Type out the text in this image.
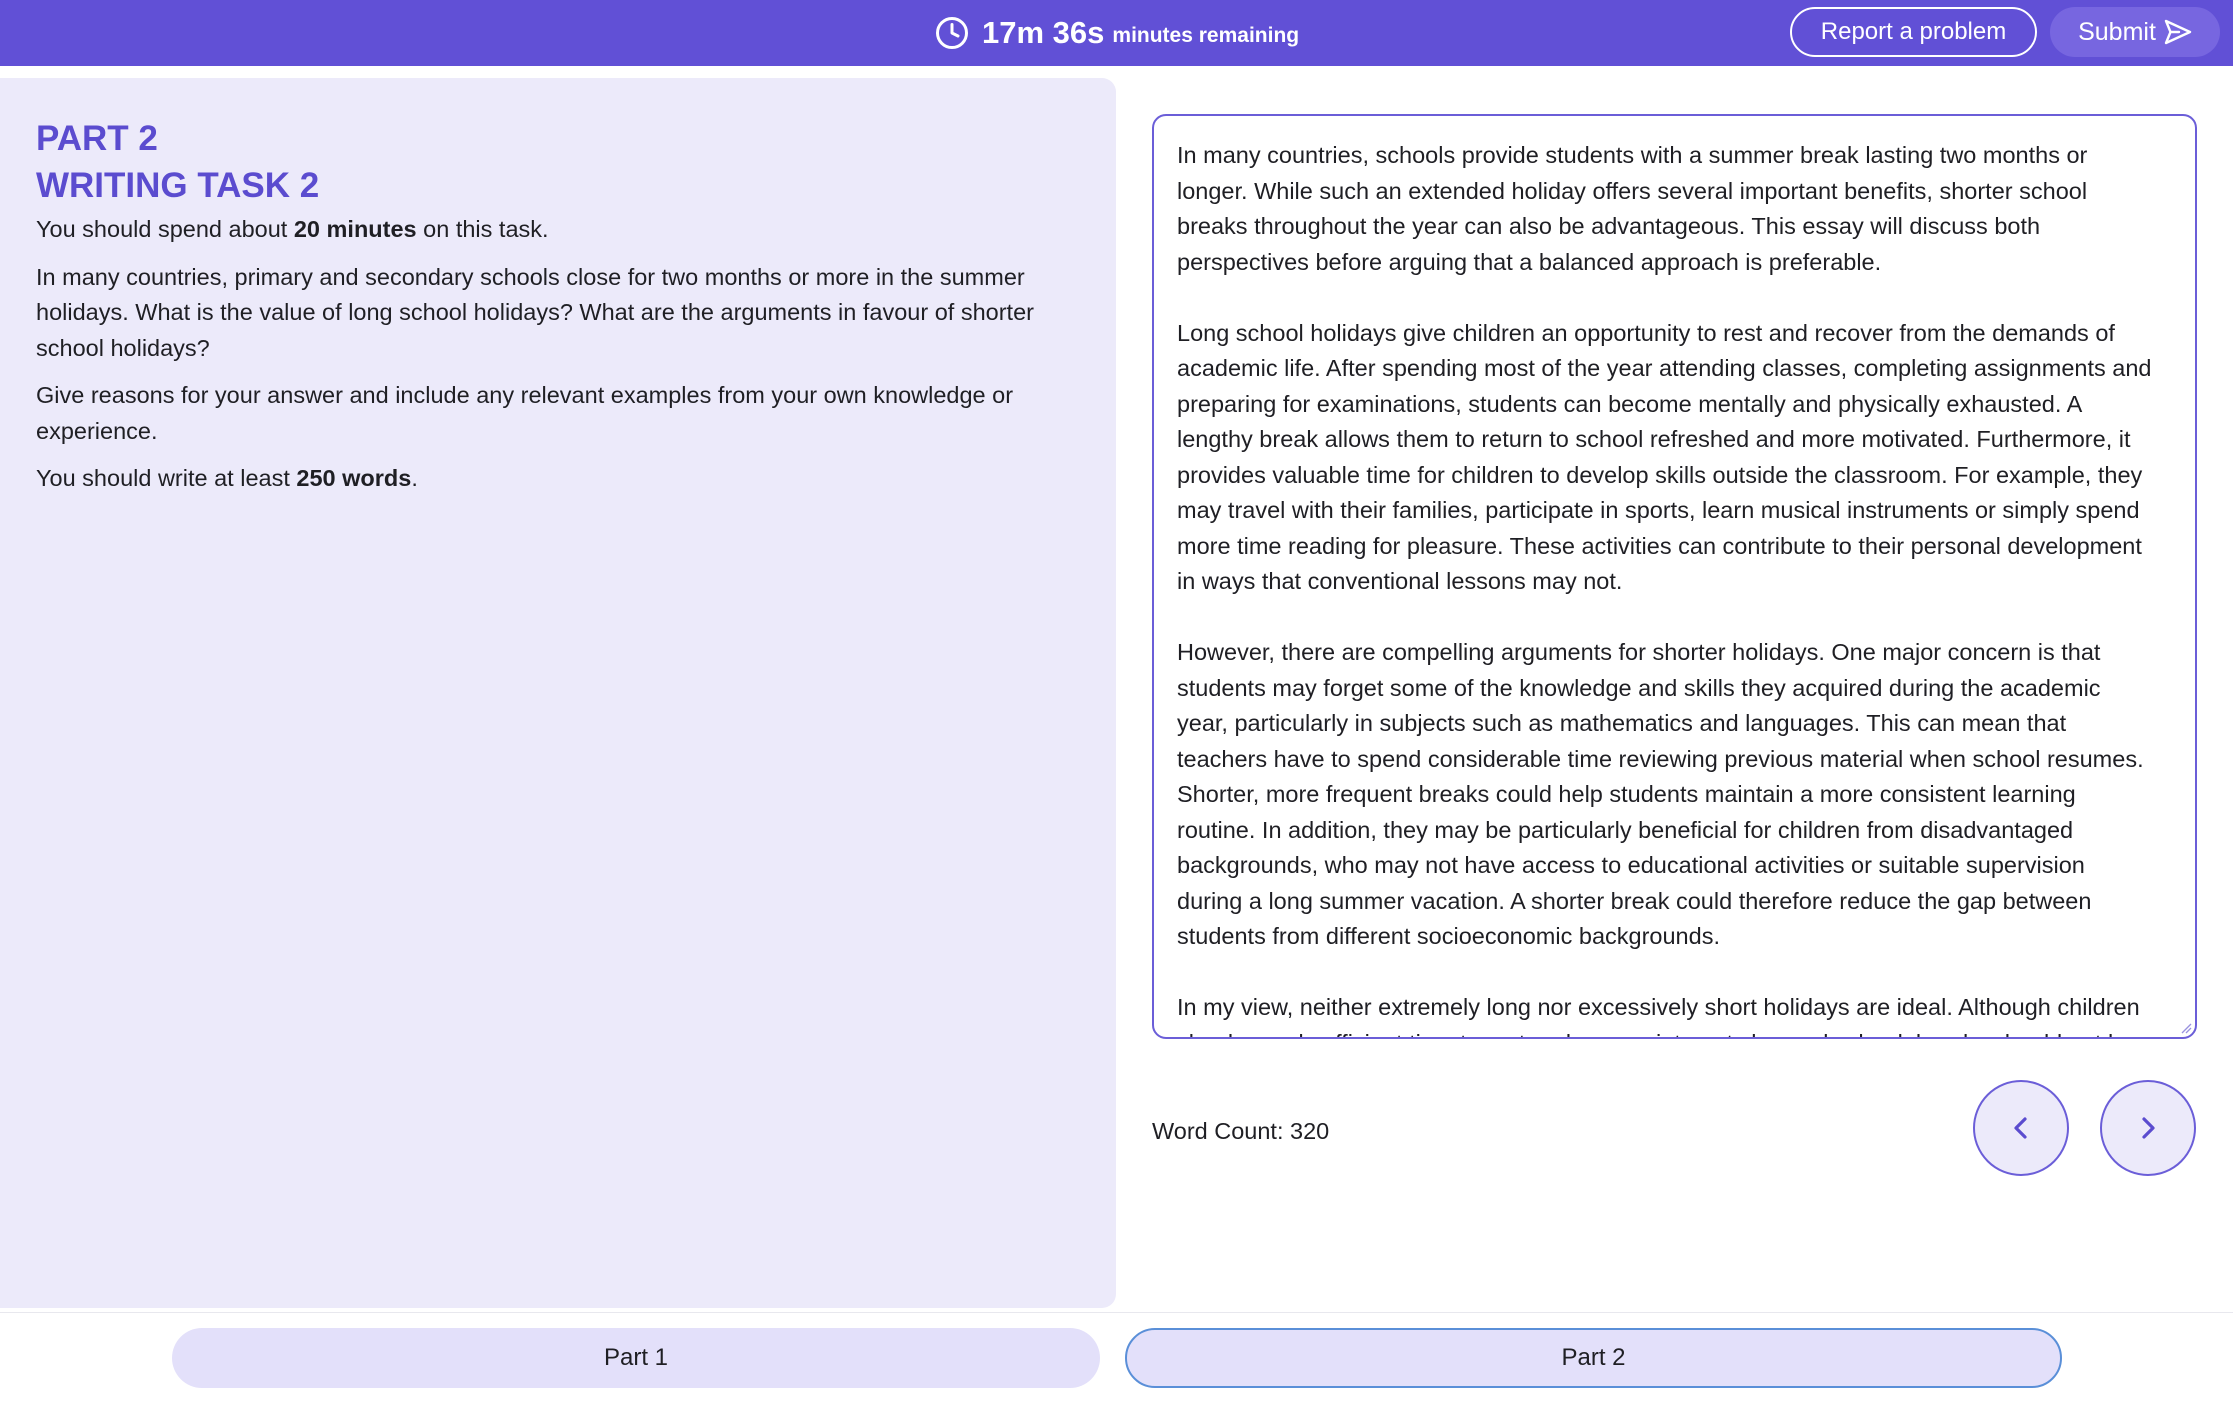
17m 36s minutes remaining	Report a problem	Submit
PART 2
WRITING TASK 2

You should spend about 20 minutes on this task.

In many countries, primary and secondary schools close for two months or more in the summer holidays. What is the value of long school holidays? What are the arguments in favour of shorter school holidays?

Give reasons for your answer and include any relevant examples from your own knowledge or experience.

You should write at least 250 words.

In many countries, schools provide students with a summer break lasting two months or longer. While such an extended holiday offers several important benefits, shorter school breaks throughout the year can also be advantageous. This essay will discuss both perspectives before arguing that a balanced approach is preferable. Long school holidays give children an opportunity to rest and recover from the demands of academic life. After spending most of the year attending classes, completing assignments and preparing for examinations, students can become mentally and physically exhausted. A lengthy break allows them to return to school refreshed and more motivated. Furthermore, it provides valuable time for children to develop skills outside the classroom. For example, they may travel with their families, participate in sports, learn musical instruments or simply spend more time reading for pleasure. These activities can contribute to their personal development in ways that conventional lessons may not. However, there are compelling arguments for shorter holidays. One major concern is that students may forget some of the knowledge and skills they acquired during the academic year, particularly in subjects such as mathematics and languages. This can mean that teachers have to spend considerable time reviewing previous material when school resumes. Shorter, more frequent breaks could help students maintain a more consistent learning routine. In addition, they may be particularly beneficial for children from disadvantaged backgrounds, who may not have access to educational activities or suitable supervision during a long summer vacation. A shorter break could therefore reduce the gap between students from different socioeconomic backgrounds. In my view, neither extremely long nor excessively short holidays are ideal. Although children clearly need sufficient time to rest and pursue interests beyond school, breaks should not be
Word Count: 320
Part 1	Part 2
